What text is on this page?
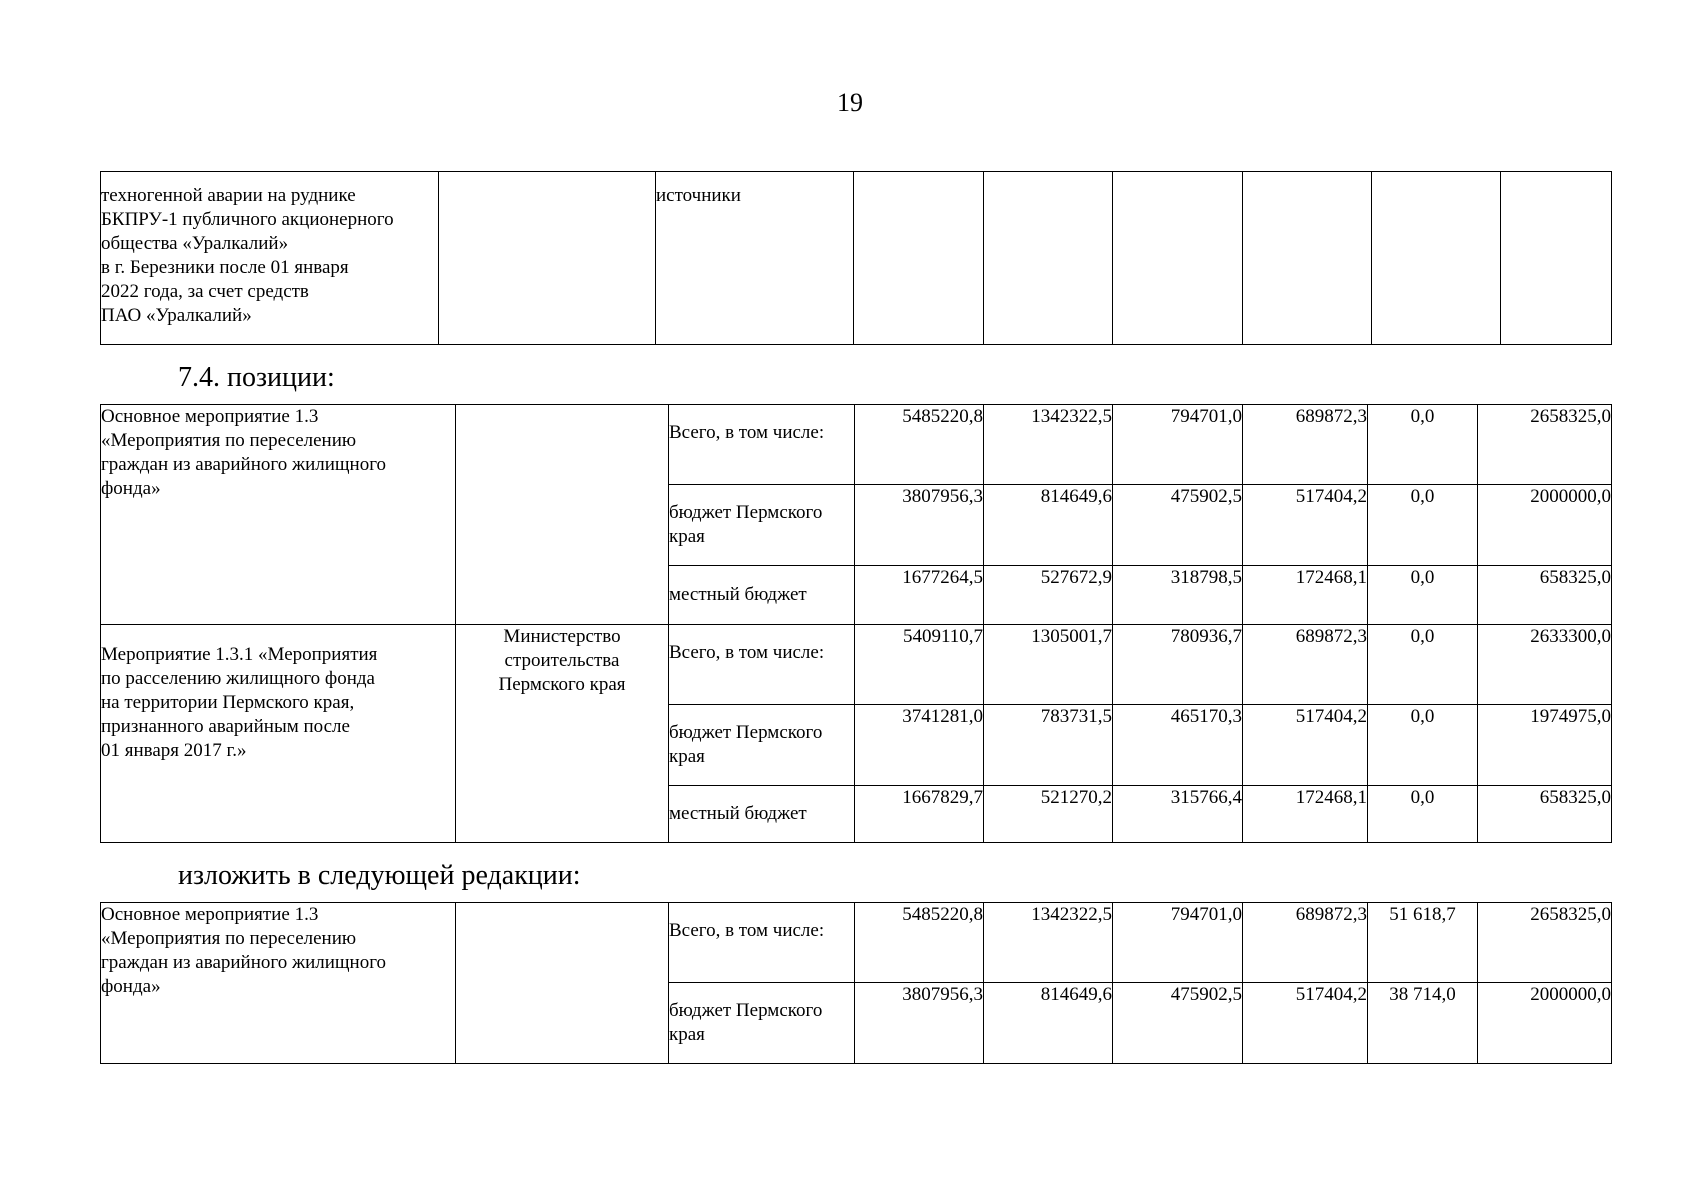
19
техногенной аварии на руднике
БКПРУ-1 публичного акционерного
общества «Уралкалий»
в г. Березники после 01 января
2022 года, за счет средств
ПАО «Уралкалий»

источники

7.4. позиции:
Основное мероприятие 1.3
«Мероприятия по переселению
граждан из аварийного жилищного
фонда»		Всего, в том числе:	5485220,8	1342322,5	794701,0	689872,3	0,0	2658325,0

		бюджет Пермского
края	3807956,3	814649,6	475902,5	517404,2	0,0	2000000,0

		местный бюджет	1677264,5	527672,9	318798,5	172468,1	0,0	658325,0

Мероприятие 1.3.1 «Мероприятия
по расселению жилищного фонда
на территории Пермского края,
признанного аварийным после
01 января 2017 г.»	Министерство
строительства
Пермского края	Всего, в том числе:	5409110,7	1305001,7	780936,7	689872,3	0,0	2633300,0

		бюджет Пермского
края	3741281,0	783731,5	465170,3	517404,2	0,0	1974975,0

		местный бюджет	1667829,7	521270,2	315766,4	172468,1	0,0	658325,0
изложить в следующей редакции:
Основное мероприятие 1.3
«Мероприятия по переселению
граждан из аварийного жилищного
фонда»		Всего, в том числе:	5485220,8	1342322,5	794701,0	689872,3	51 618,7	2658325,0

		бюджет Пермского
края	3807956,3	814649,6	475902,5	517404,2	38 714,0	2000000,0
